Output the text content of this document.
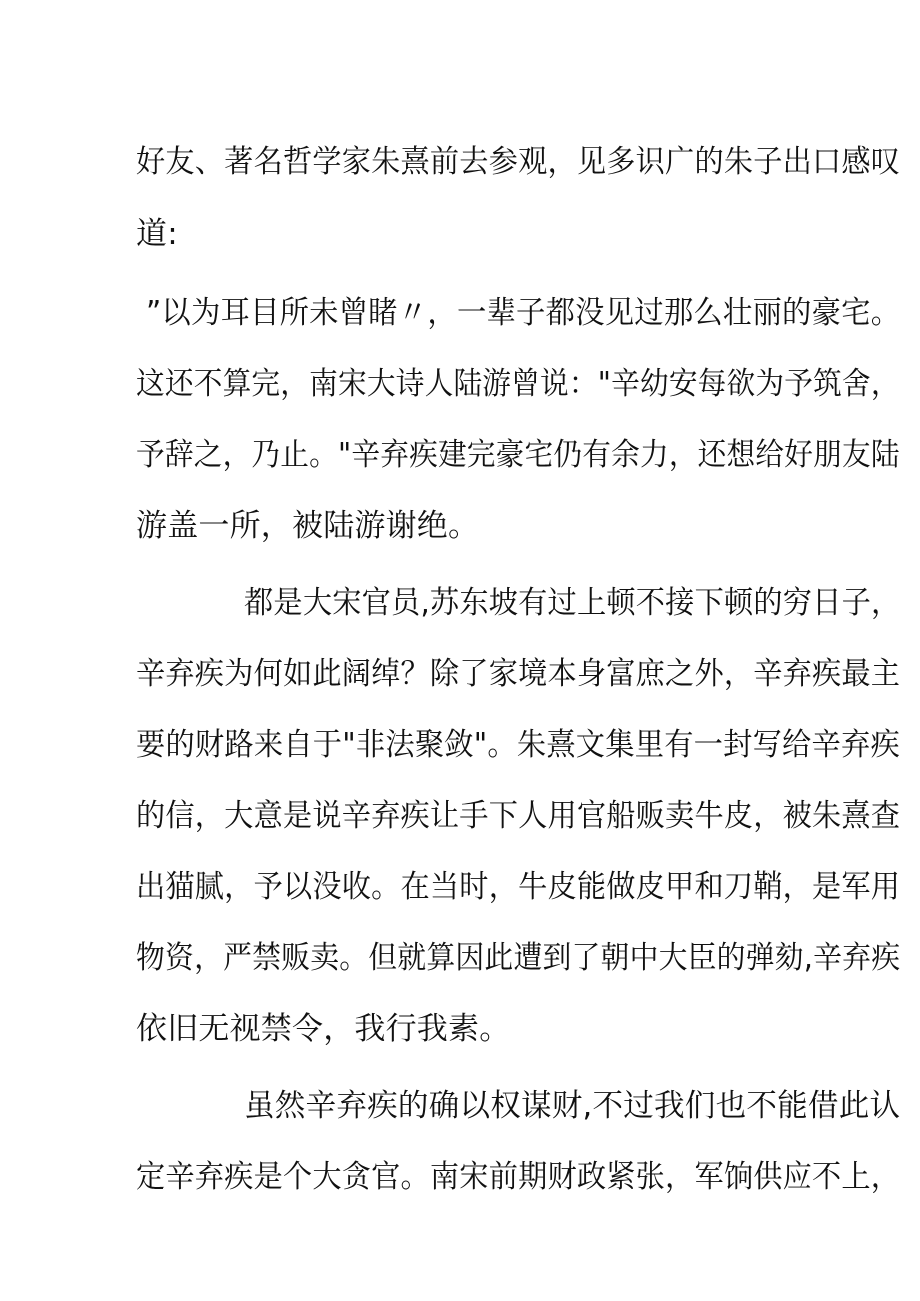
好友、著名哲学家朱熹前去参观，见多识广的朱子出口感叹
道:
”以为耳目所未曾睹〃，一辈子都没见过那么壮丽的豪宅。
这还不算完，南宋大诗人陆游曾说："辛幼安每欲为予筑舍，
予辞之，乃止。"辛弃疾建完豪宅仍有余力，还想给好朋友陆
游盖一所，被陆游谢绝。
都是大宋官员,苏东坡有过上顿不接下顿的穷日子，
辛弃疾为何如此阔绰？除了家境本身富庶之外，辛弃疾最主
要的财路来自于"非法聚敛"。朱熹文集里有一封写给辛弃疾
的信，大意是说辛弃疾让手下人用官船贩卖牛皮，被朱熹查
出猫腻，予以没收。在当时，牛皮能做皮甲和刀鞘，是军用
物资，严禁贩卖。但就算因此遭到了朝中大臣的弹劾,辛弃疾
依旧无视禁令，我行我素。
虽然辛弃疾的确以权谋财,不过我们也不能借此认
定辛弃疾是个大贪官。南宋前期财政紧张，军饷供应不上，
